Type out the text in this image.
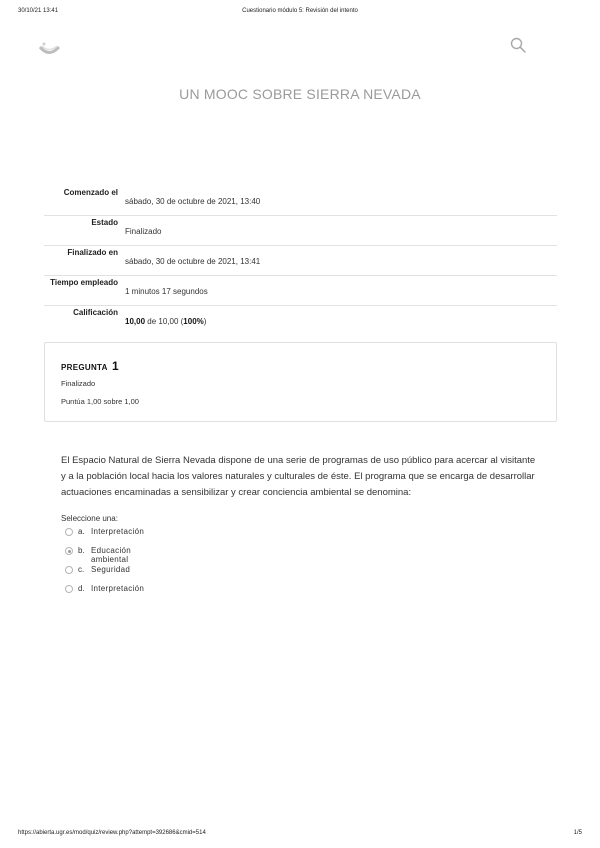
30/10/21 13:41	Cuestionario módulo 5: Revisión del intento
UN MOOC SOBRE SIERRA NEVADA
Comenzado el
sábado, 30 de octubre de 2021, 13:40
Estado
Finalizado
Finalizado en
sábado, 30 de octubre de 2021, 13:41
Tiempo empleado
1 minutos 17 segundos
Calificación
10,00 de 10,00 (100%)
PREGUNTA 1
Finalizado
Puntúa 1,00 sobre 1,00
El Espacio Natural de Sierra Nevada dispone de una serie de programas de uso público para acercar al visitante y a la población local hacia los valores naturales y culturales de éste. El programa que se encarga de desarrollar actuaciones encaminadas a sensibilizar y crear conciencia ambiental se denomina:
Seleccione una:
a. Interpretación
b. Educación ambiental
c. Seguridad
d. Interpretación
https://abierta.ugr.es/mod/quiz/review.php?attempt=392686&cmid=514	1/5
